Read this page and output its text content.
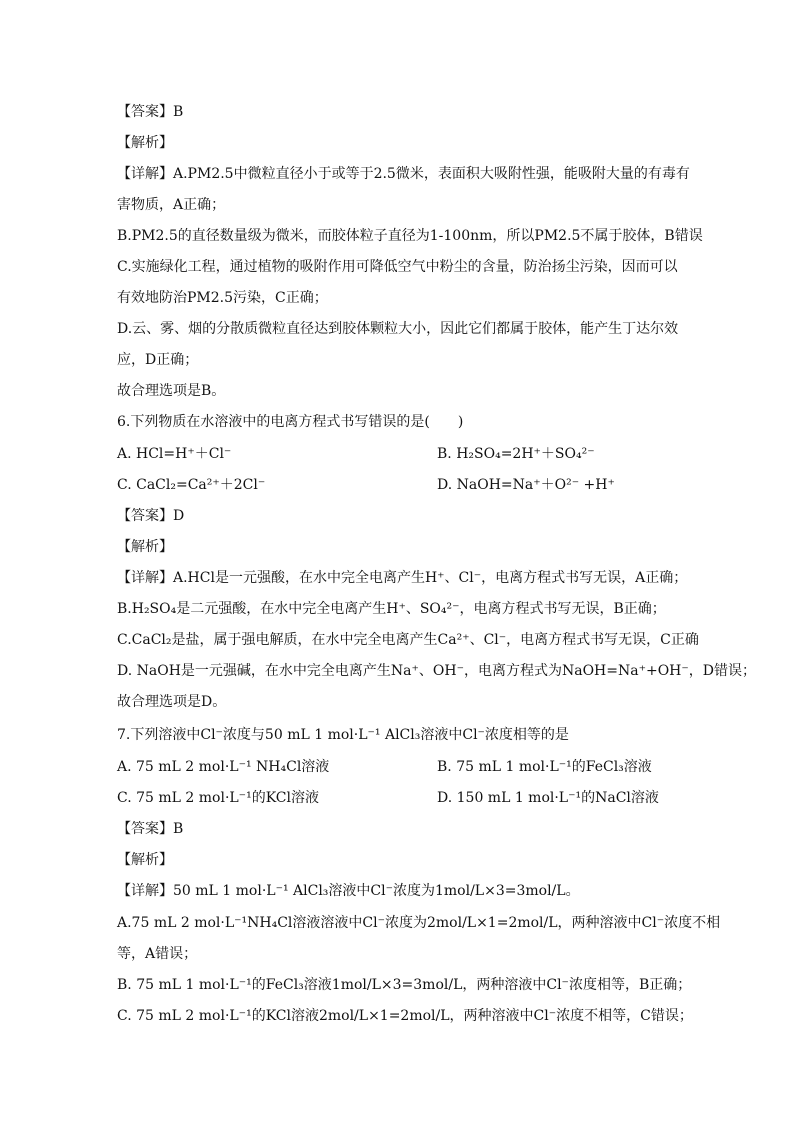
【答案】B
【解析】
【详解】A.PM2.5中微粒直径小于或等于2.5微米，表面积大吸附性强，能吸附大量的有毒有
害物质，A正确；
B.PM2.5的直径数量级为微米，而胶体粒子直径为1-100nm，所以PM2.5不属于胶体，B错误
C.实施绿化工程，通过植物的吸附作用可降低空气中粉尘的含量，防治扬尘污染，因而可以
有效地防治PM2.5污染，C正确；
D.云、雾、烟的分散质微粒直径达到胶体颗粒大小，因此它们都属于胶体，能产生丁达尔效
应，D正确；
故合理选项是B。
6.下列物质在水溶液中的电离方程式书写错误的是(　　)
A. HCl=H⁺＋Cl⁻	B. H₂SO₄=2H⁺＋SO₄²⁻
C. CaCl₂=Ca²⁺＋2Cl⁻	D. NaOH=Na⁺＋O²⁻ +H⁺
【答案】D
【解析】
【详解】A.HCl是一元强酸，在水中完全电离产生H⁺、Cl⁻，电离方程式书写无误，A正确；
B.H₂SO₄是二元强酸，在水中完全电离产生H⁺、SO₄²⁻，电离方程式书写无误，B正确；
C.CaCl₂是盐，属于强电解质，在水中完全电离产生Ca²⁺、Cl⁻，电离方程式书写无误，C正确
D. NaOH是一元强碱，在水中完全电离产生Na⁺、OH⁻，电离方程式为NaOH=Na⁺+OH⁻，D错误；
故合理选项是D。
7.下列溶液中Cl⁻浓度与50 mL 1 mol·L⁻¹ AlCl₃溶液中Cl⁻浓度相等的是
A. 75 mL 2 mol·L⁻¹ NH₄Cl溶液	B. 75 mL 1 mol·L⁻¹的FeCl₃溶液
C. 75 mL 2 mol·L⁻¹的KCl溶液	D. 150 mL 1 mol·L⁻¹的NaCl溶液
【答案】B
【解析】
【详解】50 mL 1 mol·L⁻¹ AlCl₃溶液中Cl⁻浓度为1mol/L×3=3mol/L。
A.75 mL 2 mol·L⁻¹NH₄Cl溶液溶液中Cl⁻浓度为2mol/L×1=2mol/L，两种溶液中Cl⁻浓度不相
等，A错误；
B. 75 mL 1 mol·L⁻¹的FeCl₃溶液1mol/L×3=3mol/L，两种溶液中Cl⁻浓度相等，B正确；
C. 75 mL 2 mol·L⁻¹的KCl溶液2mol/L×1=2mol/L，两种溶液中Cl⁻浓度不相等，C错误；
